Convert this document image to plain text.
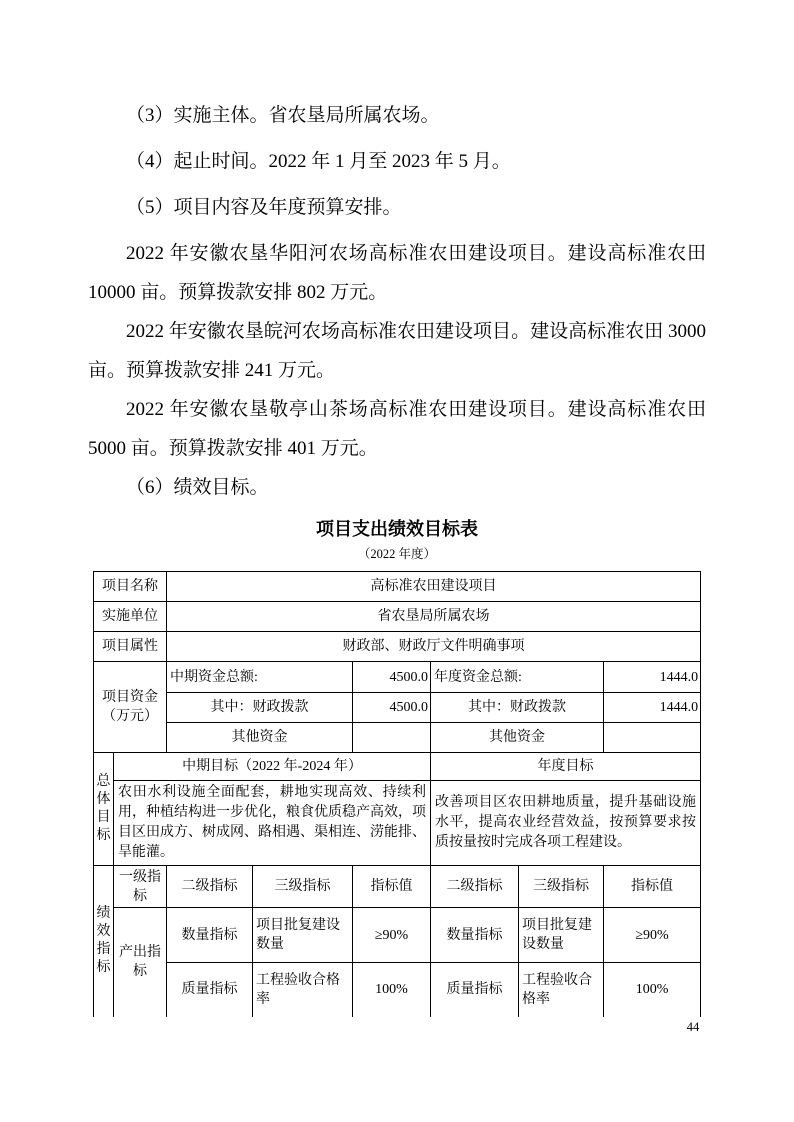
（3）实施主体。省农垦局所属农场。

（4）起止时间。2022 年 1 月至 2023 年 5 月。

（5）项目内容及年度预算安排。

2022 年安徽农垦华阳河农场高标准农田建设项目。建设高标准农田 10000 亩。预算拨款安排 802 万元。

2022 年安徽农垦皖河农场高标准农田建设项目。建设高标准农田 3000 亩。预算拨款安排 241 万元。

2022 年安徽农垦敬亭山茶场高标准农田建设项目。建设高标准农田 5000 亩。预算拨款安排 401 万元。

（6）绩效目标。

项目支出绩效目标表
（2022 年度）
项目名称		高标准农田建设项目					
实施单位		省农垦局所属农场					
项目属性		财政部、财政厅文件明确事项					
项目资金（万元）		中期资金总额:		4500.0	年度资金总额:		1444.0
		其中：财政拨款		4500.0	其中：财政拨款		1444.0
		其他资金			其他资金		
总体目标	中期目标（2022 年-2024 年）				年度目标		
	农田水利设施全面配套，耕地实现高效、持续利用，种植结构进一步优化，粮食优质稳产高效，项目区田成方、树成网、路相遇、渠相连、涝能排、旱能灌。				改善项目区农田耕地质量，提升基础设施水平，提高农业经营效益，按预算要求按质按量按时完成各项工程建设。		
绩效指标	一级指标	二级指标	三级指标	指标值	二级指标	三级指标	指标值
	产出指标	数量指标	项目批复建设数量	≥90%	数量指标	项目批复建设数量	≥90%
		质量指标	工程验收合格率	100%	质量指标	工程验收合格率	100%
44
